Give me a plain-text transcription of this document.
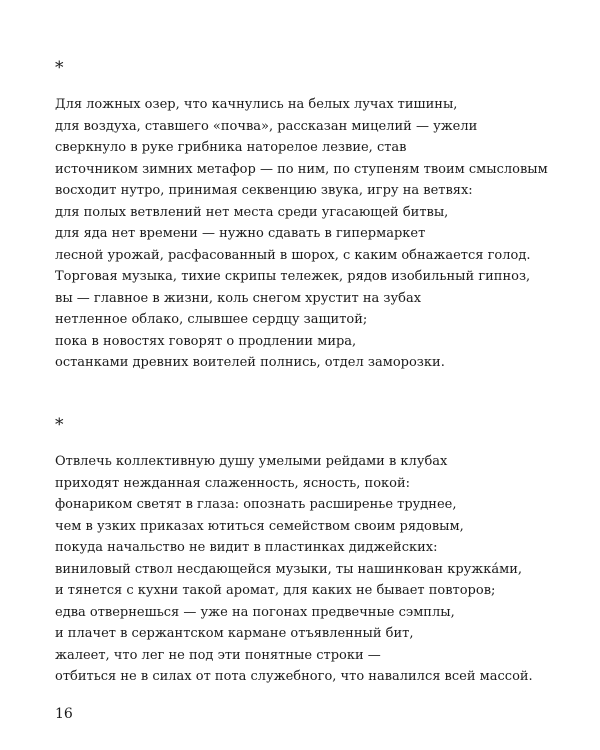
*
Для ложных озер, что качнулись на белых лучах тишины,
для воздуха, ставшего «почва», рассказан мицелий — ужели
сверкнуло в руке грибника наторелое лезвие, став
источником зимних метафор — по ним, по ступеням твоим смысловым
восходит нутро, принимая секвенцию звука, игру на ветвях:
для полых ветвлений нет места среди угасающей битвы,
для яда нет времени — нужно сдавать в гипермаркет
лесной урожай, расфасованный в шорох, с каким обнажается голод.
Торговая музыка, тихие скрипы тележек, рядов изобильный гипноз,
вы — главное в жизни, коль снегом хрустит на зубах
нетленное облако, слывшее сердцу защитой;
пока в новостях говорят о продлении мира,
останками древних воителей полнись, отдел заморозки.
*
Отвлечь коллективную душу умелыми рейдами в клубах
приходят нежданная слаженность, ясность, покой:
фонариком светят в глаза: опознать расширенье труднее,
чем в узких приказах ютиться семейством своим рядовым,
покуда начальство не видит в пластинках диджейских:
виниловый ствол несдающейся музыки, ты нашинкован кружка́ми,
и тянется с кухни такой аромат, для каких не бывает повторов;
едва отвернешься — уже на погонах предвечные сэмплы,
и плачет в сержантском кармане отъявленный бит,
жалеет, что лег не под эти понятные строки —
отбиться не в силах от пота служебного, что навалился всей массой.
16
